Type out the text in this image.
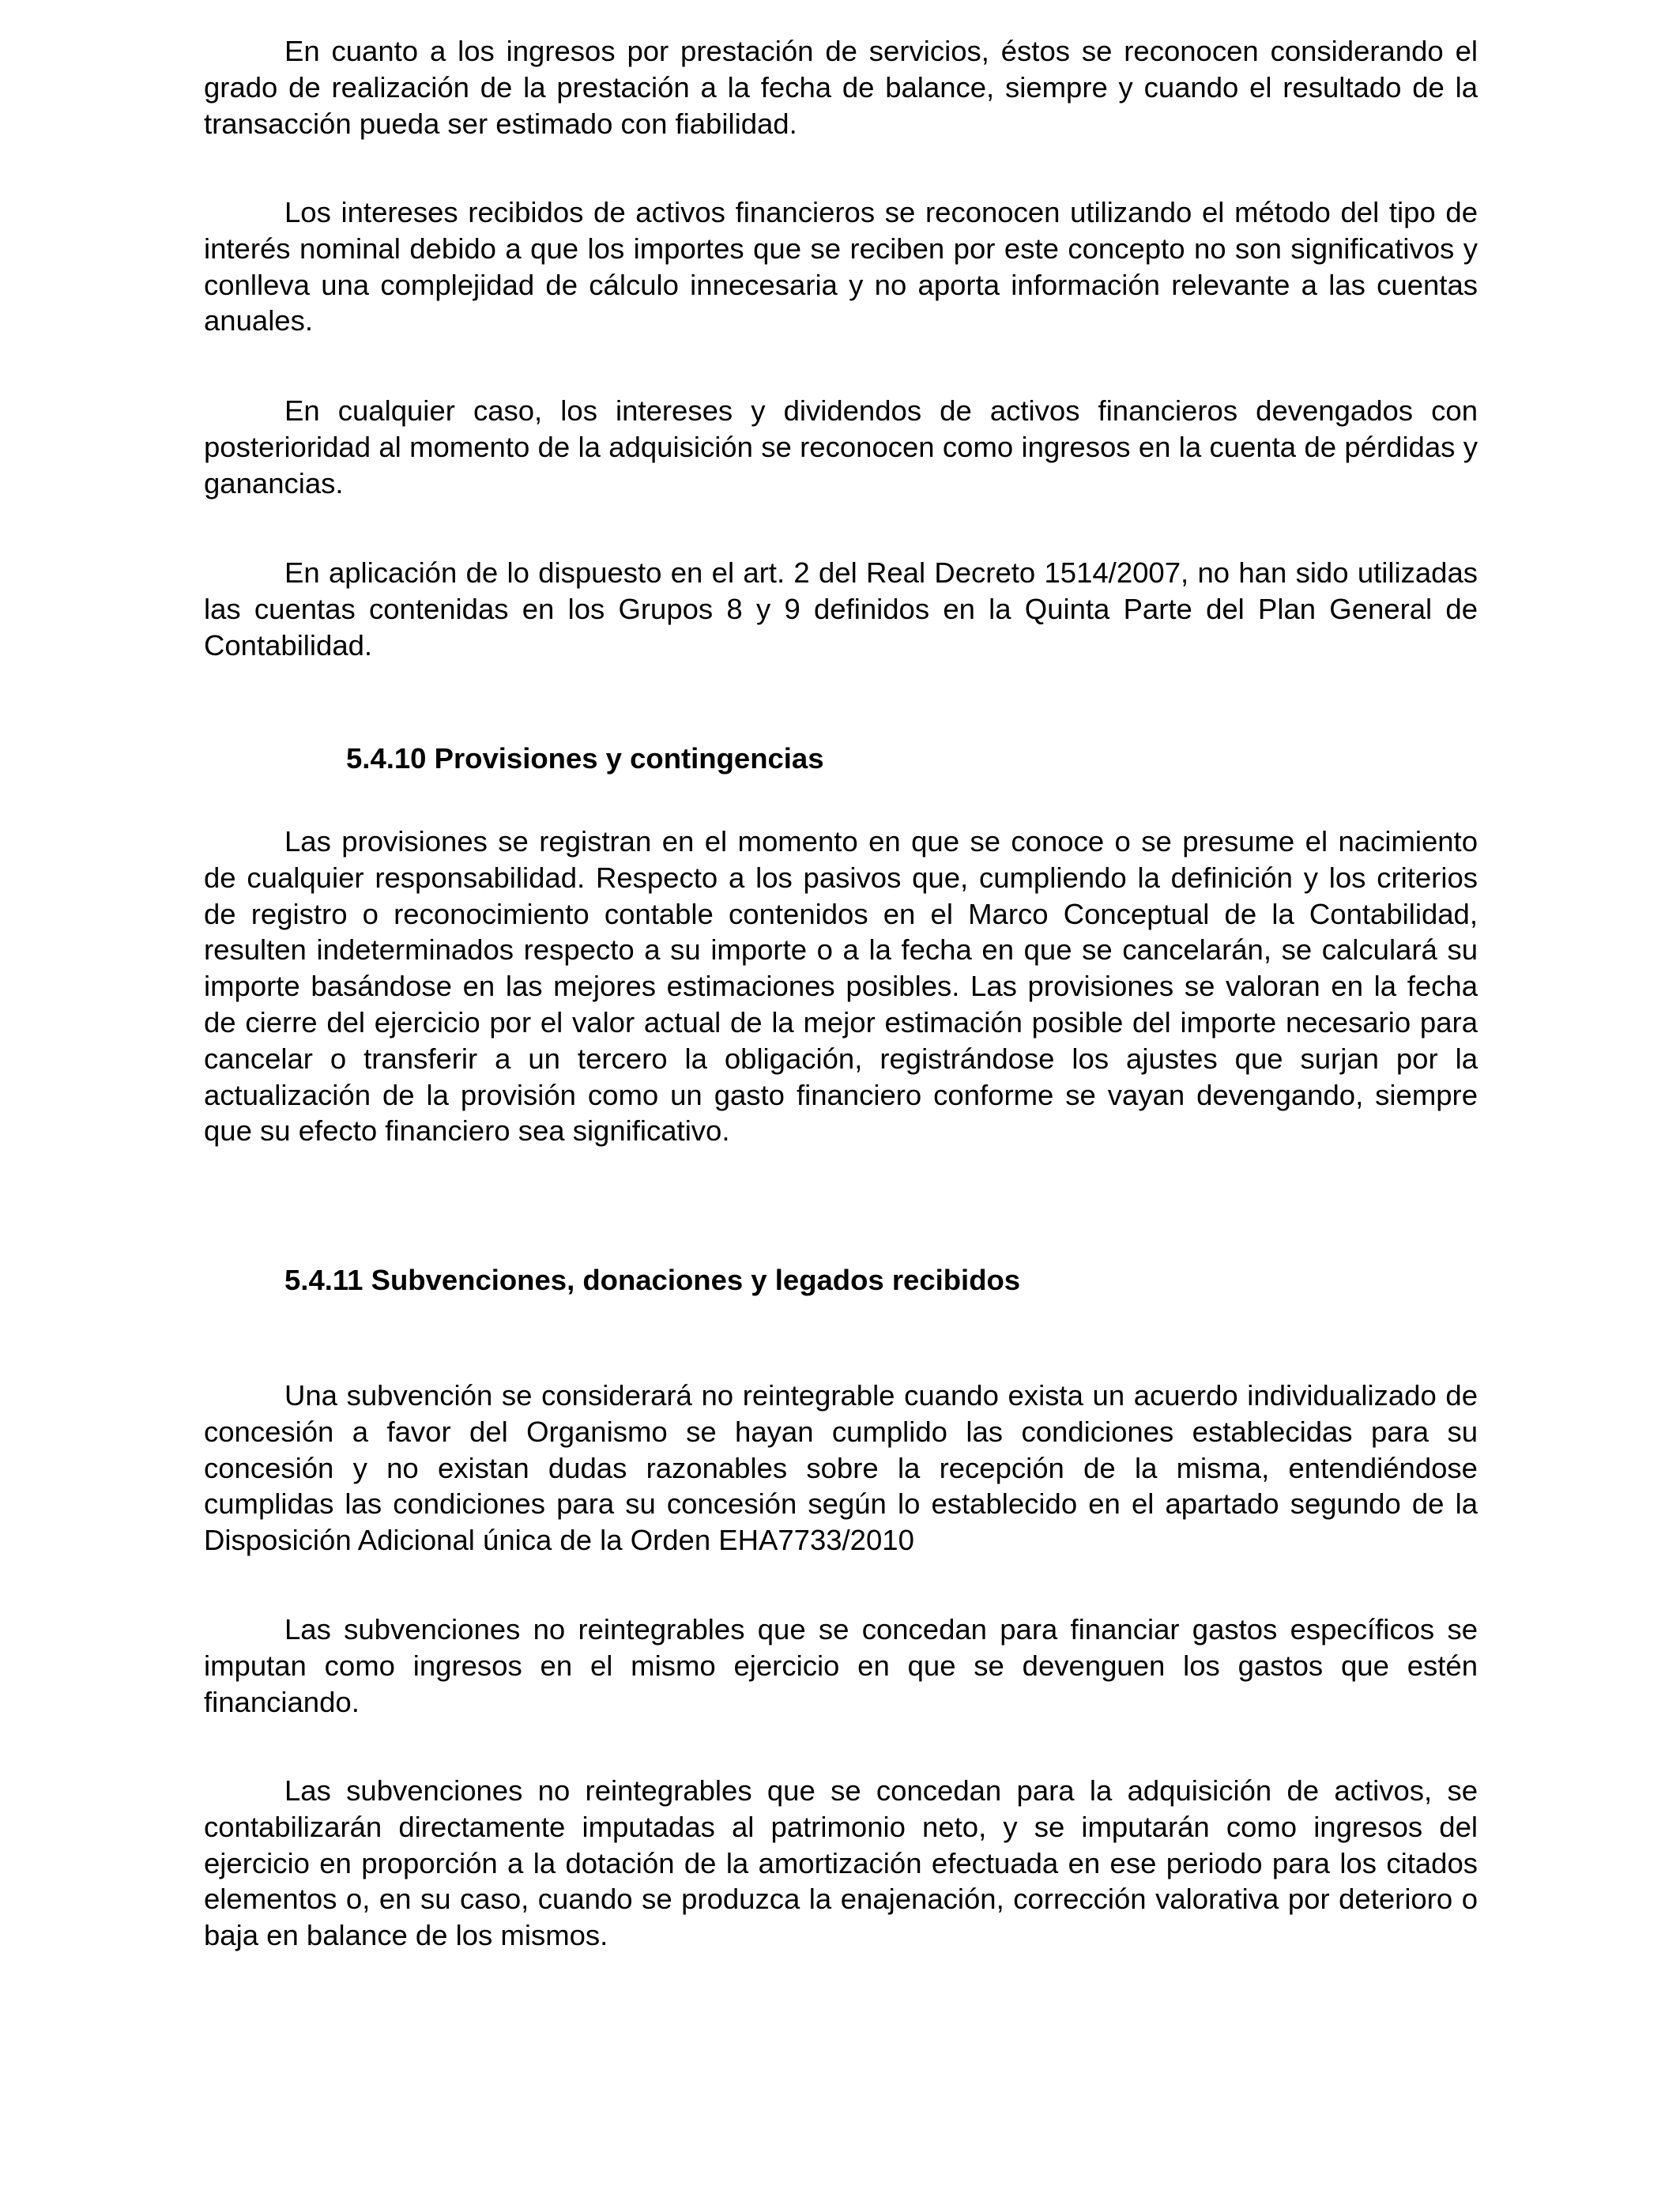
En cuanto a los ingresos por prestación de servicios, éstos se reconocen considerando el grado de realización de la prestación a la fecha de balance, siempre y cuando el resultado de la transacción pueda ser estimado con fiabilidad.

Los intereses recibidos de activos financieros se reconocen utilizando el método del tipo de interés nominal debido a que los importes que se reciben por este concepto no son significativos y conlleva una complejidad de cálculo innecesaria y no aporta información relevante a las cuentas anuales.

En cualquier caso, los intereses y dividendos de activos financieros devengados con posterioridad al momento de la adquisición se reconocen como ingresos en la cuenta de pérdidas y ganancias.

En aplicación de lo dispuesto en el art. 2 del Real Decreto 1514/2007, no han sido utilizadas las cuentas contenidas en los Grupos 8 y 9 definidos en la Quinta Parte del Plan General de Contabilidad.

5.4.10 Provisiones y contingencias

Las provisiones se registran en el momento en que se conoce o se presume el nacimiento de cualquier responsabilidad. Respecto a los pasivos que, cumpliendo la definición y los criterios de registro o reconocimiento contable contenidos en el Marco Conceptual de la Contabilidad, resulten indeterminados respecto a su importe o a la fecha en que se cancelarán, se calculará su importe basándose en las mejores estimaciones posibles. Las provisiones se valoran en la fecha de cierre del ejercicio por el valor actual de la mejor estimación posible del importe necesario para cancelar o transferir a un tercero la obligación, registrándose los ajustes que surjan por la actualización de la provisión como un gasto financiero conforme se vayan devengando, siempre que su efecto financiero sea significativo.

5.4.11 Subvenciones, donaciones y legados recibidos

Una subvención se considerará no reintegrable cuando exista un acuerdo individualizado de concesión a favor del Organismo se hayan cumplido las condiciones establecidas para su concesión y no existan dudas razonables sobre la recepción de la misma, entendiéndose cumplidas las condiciones para su concesión según lo establecido en el apartado segundo de la Disposición Adicional única de la Orden EHA7733/2010

Las subvenciones no reintegrables que se concedan para financiar gastos específicos se imputan como ingresos en el mismo ejercicio en que se devenguen los gastos que estén financiando.

Las subvenciones no reintegrables que se concedan para la adquisición de activos, se contabilizarán directamente imputadas al patrimonio neto, y se imputarán como ingresos del ejercicio en proporción a la dotación de la amortización efectuada en ese periodo para los citados elementos o, en su caso, cuando se produzca la enajenación, corrección valorativa por deterioro o baja en balance de los mismos.
